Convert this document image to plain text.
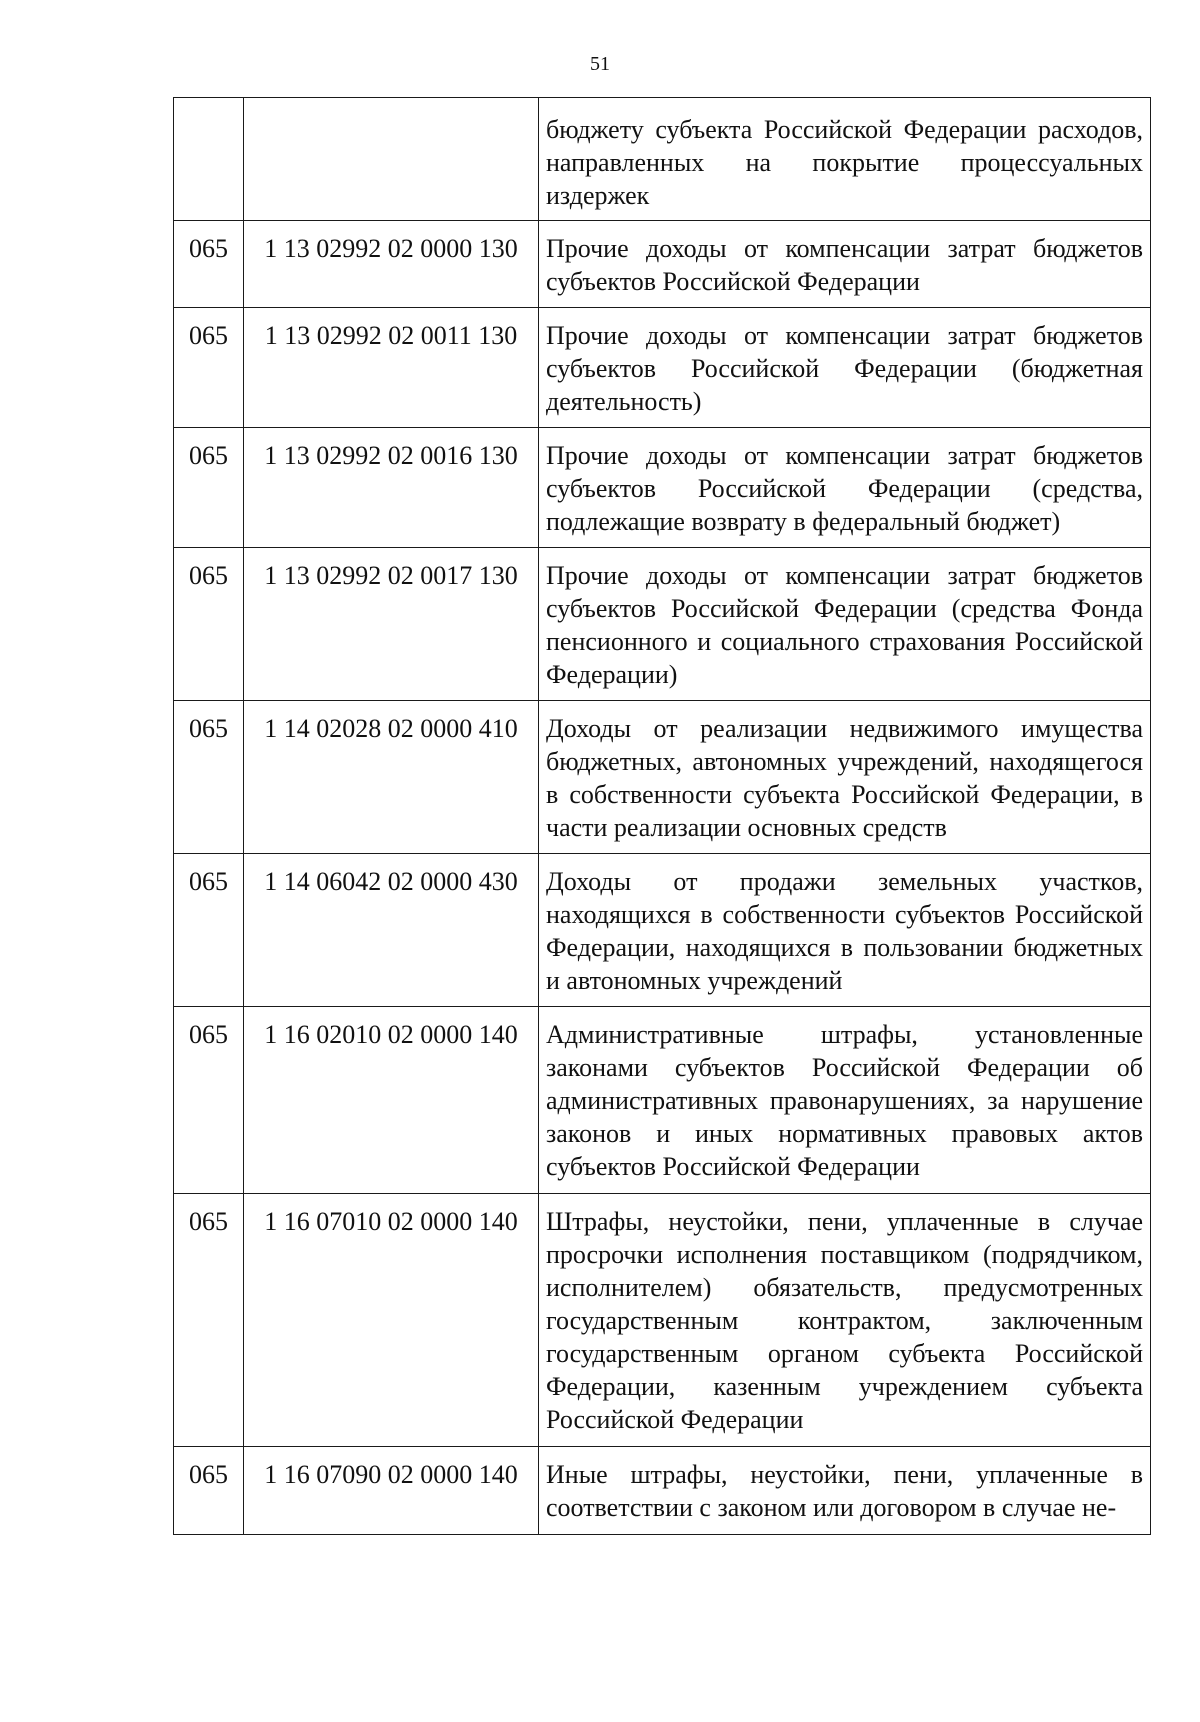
51
		бюджету субъекта Российской Федерации расходов, направленных на покрытие процессуальных издержек
065	1 13 02992 02 0000 130	Прочие доходы от компенсации затрат бюджетов субъектов Российской Федерации
065	1 13 02992 02 0011 130	Прочие доходы от компенсации затрат бюджетов субъектов Российской Федерации (бюджетная деятельность)
065	1 13 02992 02 0016 130	Прочие доходы от компенсации затрат бюджетов субъектов Российской Федерации (средства, подлежащие возврату в федеральный бюджет)
065	1 13 02992 02 0017 130	Прочие доходы от компенсации затрат бюджетов субъектов Российской Федерации (средства Фонда пенсионного и социального страхования Российской Федерации)
065	1 14 02028 02 0000 410	Доходы от реализации недвижимого имущества бюджетных, автономных учреждений, находящегося в собственности субъекта Российской Федерации, в части реализации основных средств
065	1 14 06042 02 0000 430	Доходы от продажи земельных участков, находящихся в собственности субъектов Российской Федерации, находящихся в пользовании бюджетных и автономных учреждений
065	1 16 02010 02 0000 140	Административные штрафы, установленные законами субъектов Российской Федерации об административных правонарушениях, за нарушение законов и иных нормативных правовых актов субъектов Российской Федерации
065	1 16 07010 02 0000 140	Штрафы, неустойки, пени, уплаченные в случае просрочки исполнения поставщиком (подрядчиком, исполнителем) обязательств, предусмотренных государственным контрактом, заключенным государственным органом субъекта Российской Федерации, казенным учреждением субъекта Российской Федерации
065	1 16 07090 02 0000 140	Иные штрафы, неустойки, пени, уплаченные в соответствии с законом или договором в случае не-
